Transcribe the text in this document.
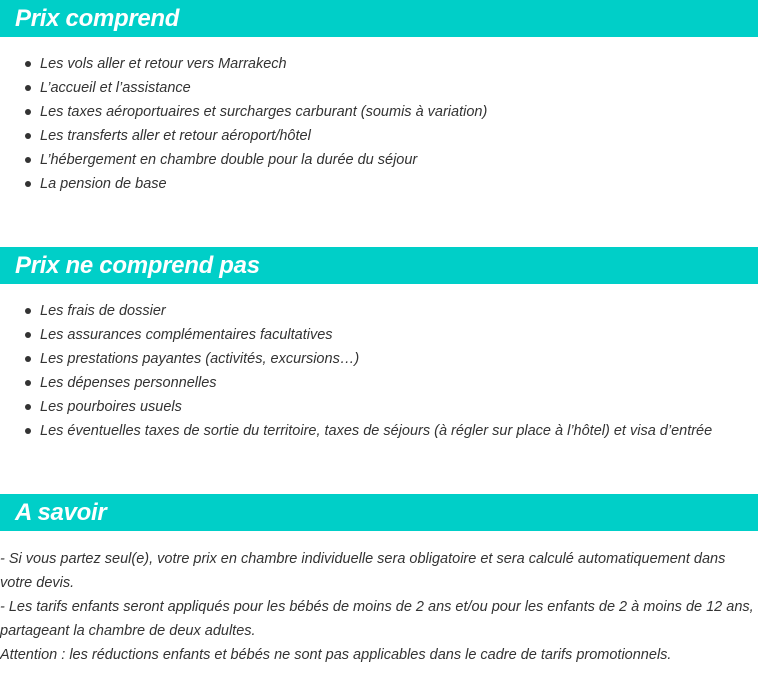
Prix comprend
Les vols aller et retour vers Marrakech
L’accueil et l’assistance
Les taxes aéroportuaires et surcharges carburant (soumis à variation)
Les transferts aller et retour aéroport/hôtel
L’hébergement en chambre double pour la durée du séjour
La pension de base
Prix ne comprend pas
Les frais de dossier
Les assurances complémentaires facultatives
Les prestations payantes (activités, excursions…)
Les dépenses personnelles
Les pourboires usuels
Les éventuelles taxes de sortie du territoire, taxes de séjours (à régler sur place à l’hôtel) et visa d’entrée
A savoir

- Si vous partez seul(e), votre prix en chambre individuelle sera obligatoire et sera calculé automatiquement dans votre devis.

- Les tarifs enfants seront appliqués pour les bébés de moins de 2 ans et/ou pour les enfants de 2 à moins de 12 ans, partageant la chambre de deux adultes.

Attention : les réductions enfants et bébés ne sont pas applicables dans le cadre de tarifs promotionnels.
